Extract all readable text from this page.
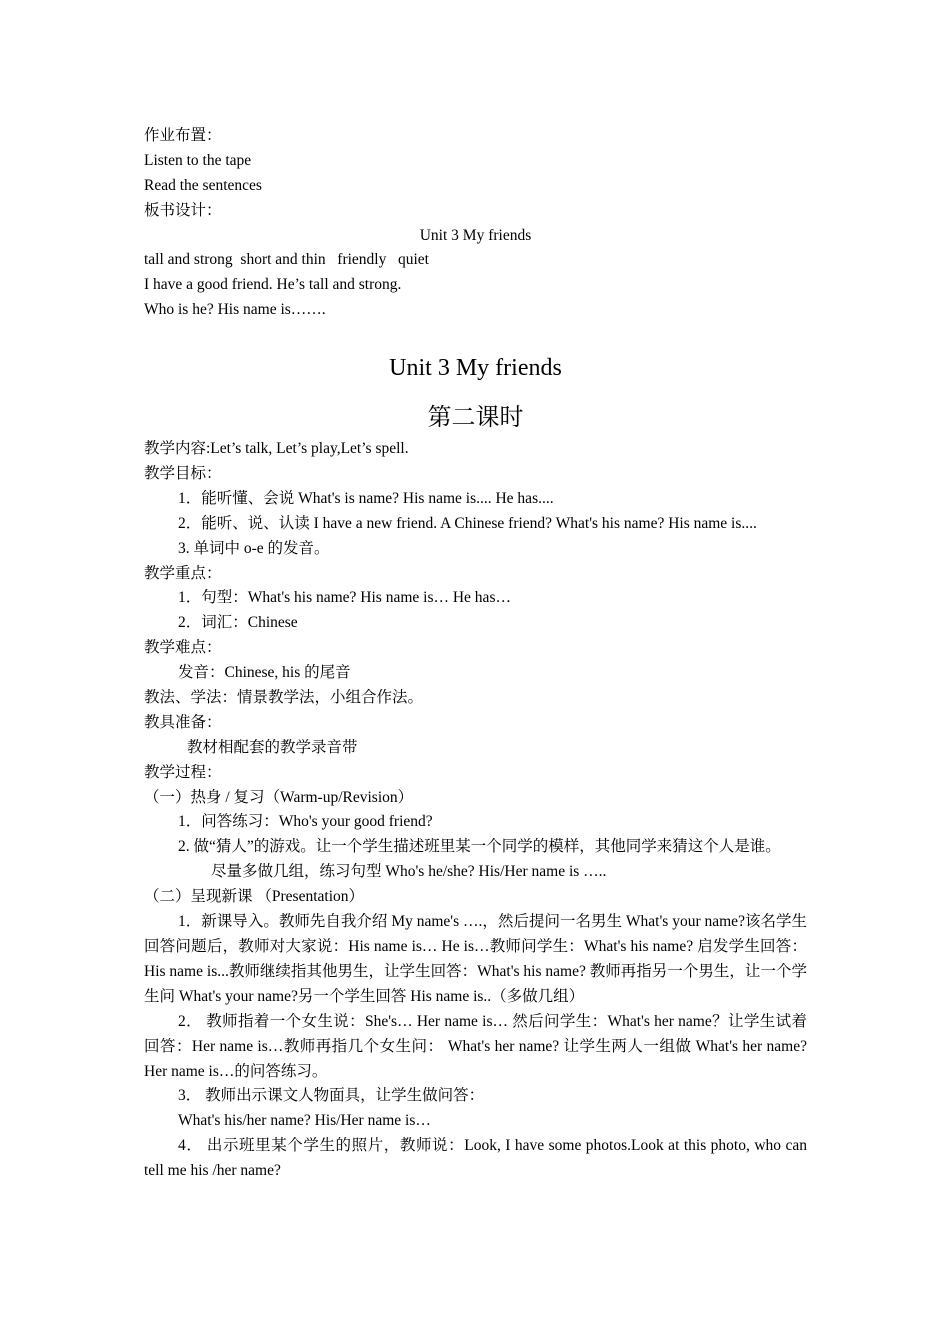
作业布置：
Listen to the tape
Read the sentences
板书设计：
Unit 3 My friends
tall and strong  short and thin   friendly   quiet
I have a good friend. He’s tall and strong.
Who is he? His name is…….
Unit 3 My friends
第二课时
教学内容:Let’s talk, Let’s play,Let’s spell.
教学目标：
1．能听懂、会说 What's is name? His name is.... He has....
2．能听、说、认读 I have a new friend. A Chinese friend? What's his name? His name is....
3. 单词中 o-e 的发音。
教学重点：
1．句型：What's his name? His name is… He has…
2．词汇：Chinese
教学难点：
发音：Chinese, his 的尾音
教法、学法：情景教学法，小组合作法。
教具准备：
教材相配套的教学录音带
教学过程：
（一）热身 / 复习（Warm-up/Revision）
1．问答练习：Who's your good friend?

2. 做“猜人”的游戏。让一个学生描述班里某一个同学的模样，其他同学来猜这个人是谁。

尽量多做几组，练习句型 Who's he/she? His/Her name is …..
（二）呈现新课 （Presentation）

1．新课导入。教师先自我介绍 My name's ….，然后提问一名男生 What's your name?该名学生回答问题后，教师对大家说：His name is… He is…教师问学生：What's his name? 启发学生回答：His name is...教师继续指其他男生，让学生回答：What's his name? 教师再指另一个男生，让一个学生问 What's your name?另一个学生回答 His name is..（多做几组）

2． 教师指着一个女生说：She's… Her name is… 然后问学生：What's her name？让学生试着回答：Her name is…教师再指几个女生问： What's her name? 让学生两人一组做 What's her name? Her name is…的问答练习。

3． 教师出示课文人物面具，让学生做问答：
What's his/her name? His/Her name is…

4． 出示班里某个学生的照片，教师说：Look, I have some photos.Look at this photo, who can tell me his /her name?
